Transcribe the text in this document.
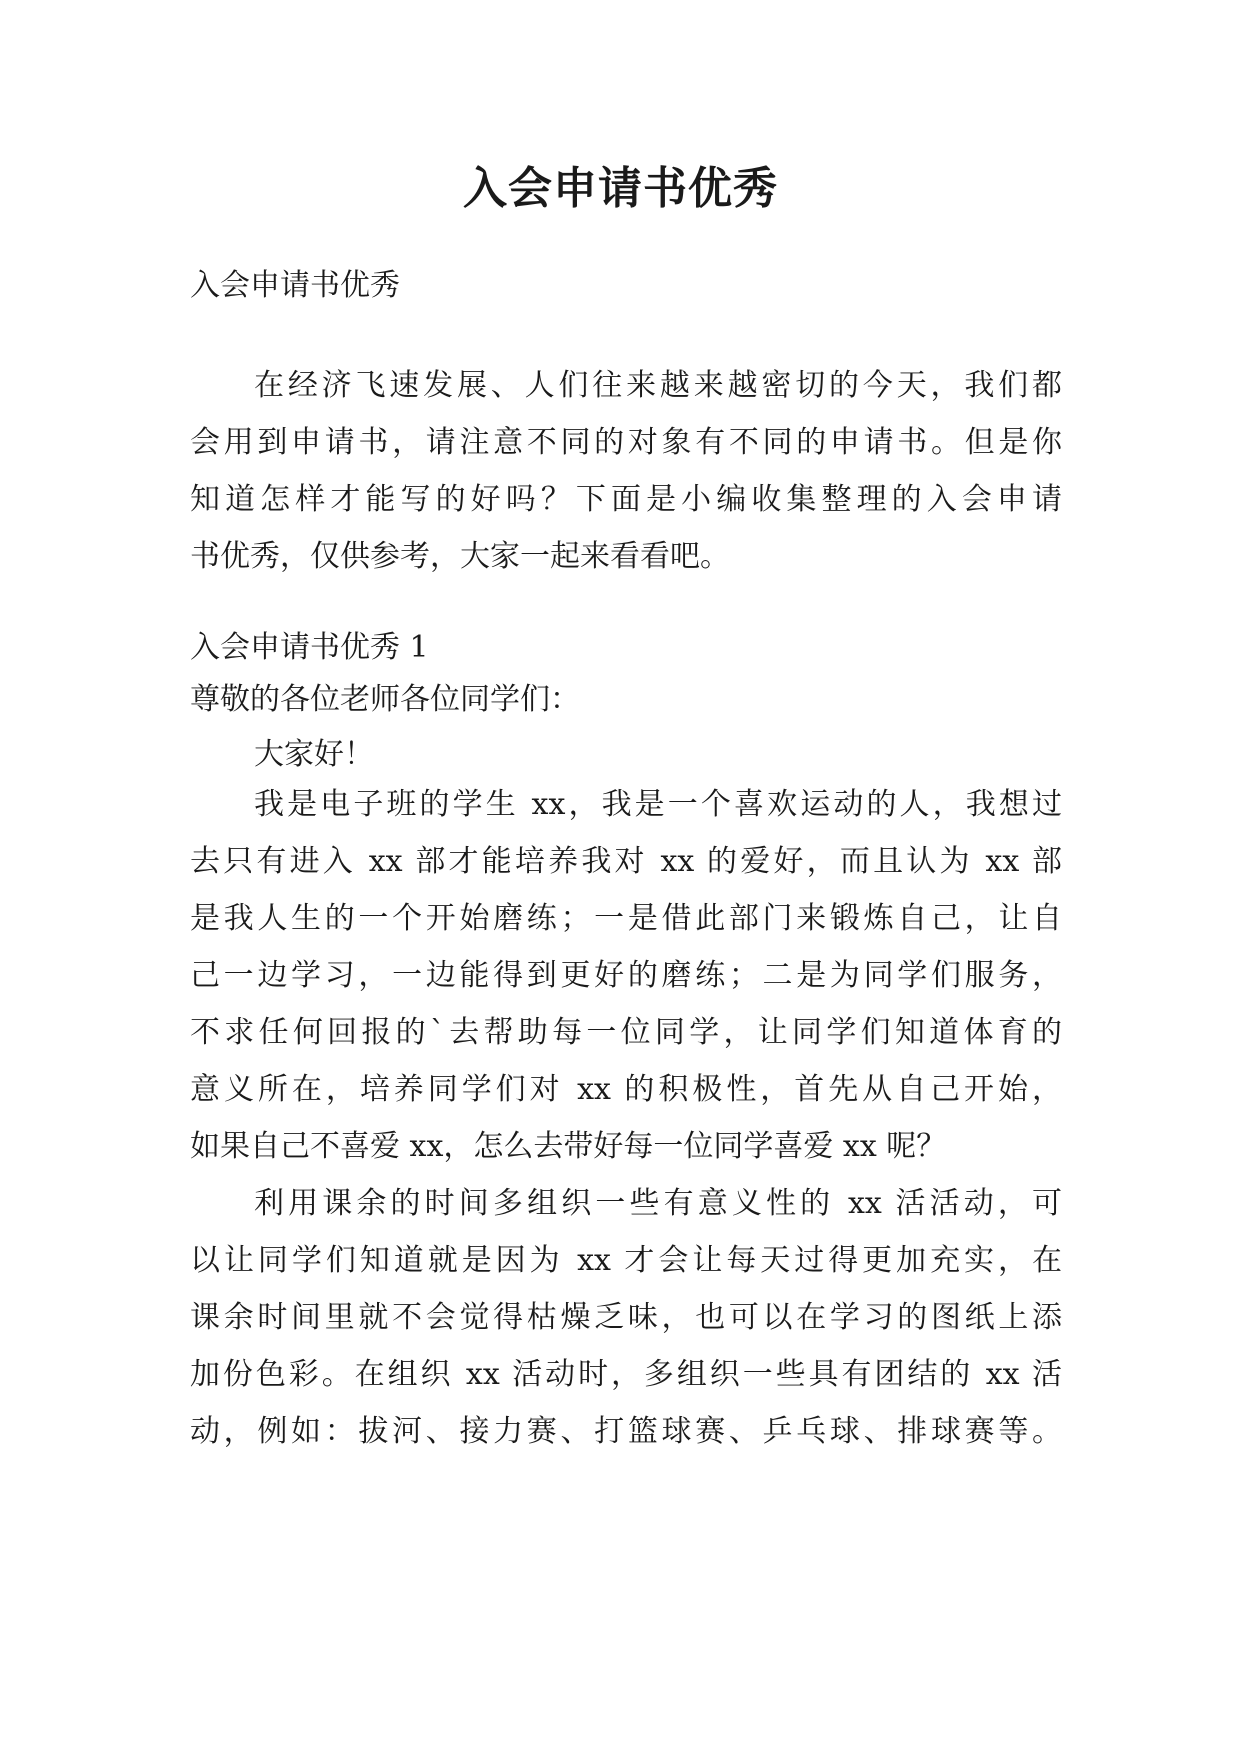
入会申请书优秀

入会申请书优秀

在经济飞速发展、人们往来越来越密切的今天，我们都
会用到申请书，请注意不同的对象有不同的申请书。但是你
知道怎样才能写的好吗？下面是小编收集整理的入会申请
书优秀，仅供参考，大家一起来看看吧。

入会申请书优秀 1

尊敬的各位老师各位同学们：

大家好！

我是电子班的学生 xx，我是一个喜欢运动的人，我想过
去只有进入 xx 部才能培养我对 xx 的爱好，而且认为 xx 部
是我人生的一个开始磨练；一是借此部门来锻炼自己，让自
己一边学习，一边能得到更好的磨练；二是为同学们服务，
不求任何回报的`去帮助每一位同学，让同学们知道体育的
意义所在，培养同学们对 xx 的积极性，首先从自己开始，
如果自己不喜爱 xx，怎么去带好每一位同学喜爱 xx 呢？
利用课余的时间多组织一些有意义性的 xx 活活动，可
以让同学们知道就是因为 xx 才会让每天过得更加充实，在
课余时间里就不会觉得枯燥乏味，也可以在学习的图纸上添
加份色彩。在组织 xx 活动时，多组织一些具有团结的 xx 活
动，例如：拔河、接力赛、打篮球赛、乒乓球、排球赛等。
